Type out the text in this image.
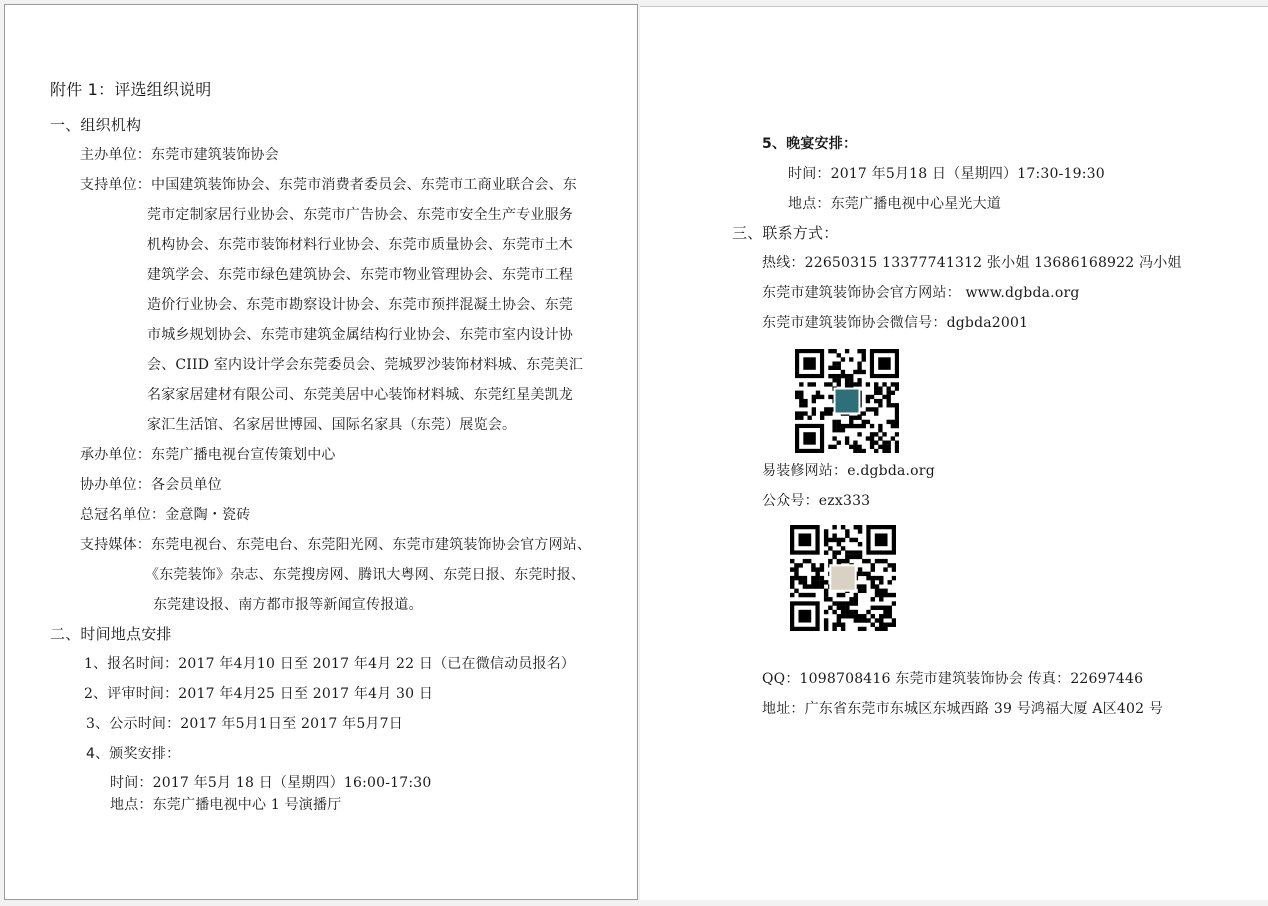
附件 1：评选组织说明
一、组织机构
主办单位：东莞市建筑装饰协会
支持单位：中国建筑装饰协会、东莞市消费者委员会、东莞市工商业联合会、东
莞市定制家居行业协会、东莞市广告协会、东莞市安全生产专业服务
机构协会、东莞市装饰材料行业协会、东莞市质量协会、东莞市土木
建筑学会、东莞市绿色建筑协会、东莞市物业管理协会、东莞市工程
造价行业协会、东莞市勘察设计协会、东莞市预拌混凝土协会、东莞
市城乡规划协会、东莞市建筑金属结构行业协会、东莞市室内设计协
会、CIID 室内设计学会东莞委员会、莞城罗沙装饰材料城、东莞美汇
名家家居建材有限公司、东莞美居中心装饰材料城、东莞红星美凯龙
家汇生活馆、名家居世博园、国际名家具（东莞）展览会。
承办单位：东莞广播电视台宣传策划中心
协办单位：各会员单位
总冠名单位：金意陶・瓷砖
支持媒体：东莞电视台、东莞电台、东莞阳光网、东莞市建筑装饰协会官方网站、
《东莞装饰》杂志、东莞搜房网、腾讯大粤网、东莞日报、东莞时报、
东莞建设报、南方都市报等新闻宣传报道。
二、时间地点安排
1、报名时间：2017 年4月10 日至 2017 年4月 22 日（已在微信动员报名）
2、评审时间：2017 年4月25 日至 2017 年4月 30 日
3、公示时间：2017 年5月1日至 2017 年5月7日
4、颁奖安排：
时间：2017 年5月 18 日（星期四）16:00-17:30
地点：东莞广播电视中心 1 号演播厅
5、晚宴安排：
时间：2017 年5月18 日（星期四）17:30-19:30
地点：东莞广播电视中心星光大道
三、联系方式：
热线：22650315 13377741312 张小姐 13686168922 冯小姐
东莞市建筑装饰协会官方网站： www.dgbda.org
东莞市建筑装饰协会微信号：dgbda2001
易装修网站：e.dgbda.org
公众号：ezx333
QQ：1098708416 东莞市建筑装饰协会 传真：22697446
地址：广东省东莞市东城区东城西路 39 号鸿福大厦 A区402 号
